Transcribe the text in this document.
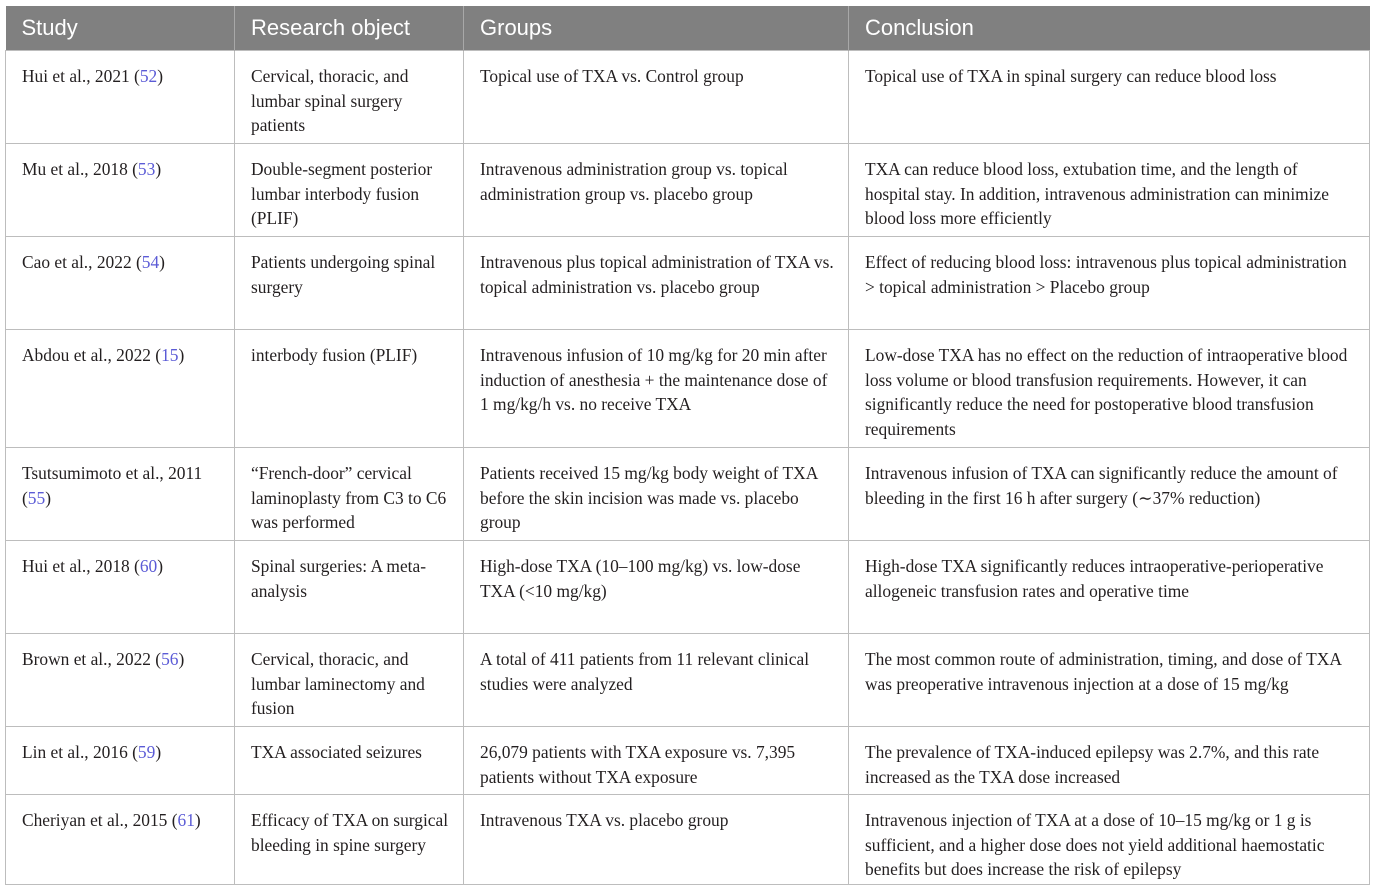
Study	Research object	Groups	Conclusion
Hui et al., 2021 (52)	Cervical, thoracic, and lumbar spinal surgery patients	Topical use of TXA vs. Control group	Topical use of TXA in spinal surgery can reduce blood loss
Mu et al., 2018 (53)	Double-segment posterior lumbar interbody fusion (PLIF)	Intravenous administration group vs. topical administration group vs. placebo group	TXA can reduce blood loss, extubation time, and the length of hospital stay. In addition, intravenous administration can minimize blood loss more efficiently
Cao et al., 2022 (54)	Patients undergoing spinal surgery	Intravenous plus topical administration of TXA vs. topical administration vs. placebo group	Effect of reducing blood loss: intravenous plus topical administration > topical administration > Placebo group
Abdou et al., 2022 (15)	interbody fusion (PLIF)	Intravenous infusion of 10 mg/kg for 20 min after induction of anesthesia + the maintenance dose of 1 mg/kg/h vs. no receive TXA	Low-dose TXA has no effect on the reduction of intraoperative blood loss volume or blood transfusion requirements. However, it can significantly reduce the need for postoperative blood transfusion requirements
Tsutsumimoto et al., 2011 (55)	“French-door” cervical laminoplasty from C3 to C6 was performed	Patients received 15 mg/kg body weight of TXA before the skin incision was made vs. placebo group	Intravenous infusion of TXA can significantly reduce the amount of bleeding in the first 16 h after surgery (∼37% reduction)
Hui et al., 2018 (60)	Spinal surgeries: A meta-analysis	High-dose TXA (10–100 mg/kg) vs. low-dose TXA (<10 mg/kg)	High-dose TXA significantly reduces intraoperative-perioperative allogeneic transfusion rates and operative time
Brown et al., 2022 (56)	Cervical, thoracic, and lumbar laminectomy and fusion	A total of 411 patients from 11 relevant clinical studies were analyzed	The most common route of administration, timing, and dose of TXA was preoperative intravenous injection at a dose of 15 mg/kg
Lin et al., 2016 (59)	TXA associated seizures	26,079 patients with TXA exposure vs. 7,395 patients without TXA exposure	The prevalence of TXA-induced epilepsy was 2.7%, and this rate increased as the TXA dose increased
Cheriyan et al., 2015 (61)	Efficacy of TXA on surgical bleeding in spine surgery	Intravenous TXA vs. placebo group	Intravenous injection of TXA at a dose of 10–15 mg/kg or 1 g is sufficient, and a higher dose does not yield additional haemostatic benefits but does increase the risk of epilepsy
